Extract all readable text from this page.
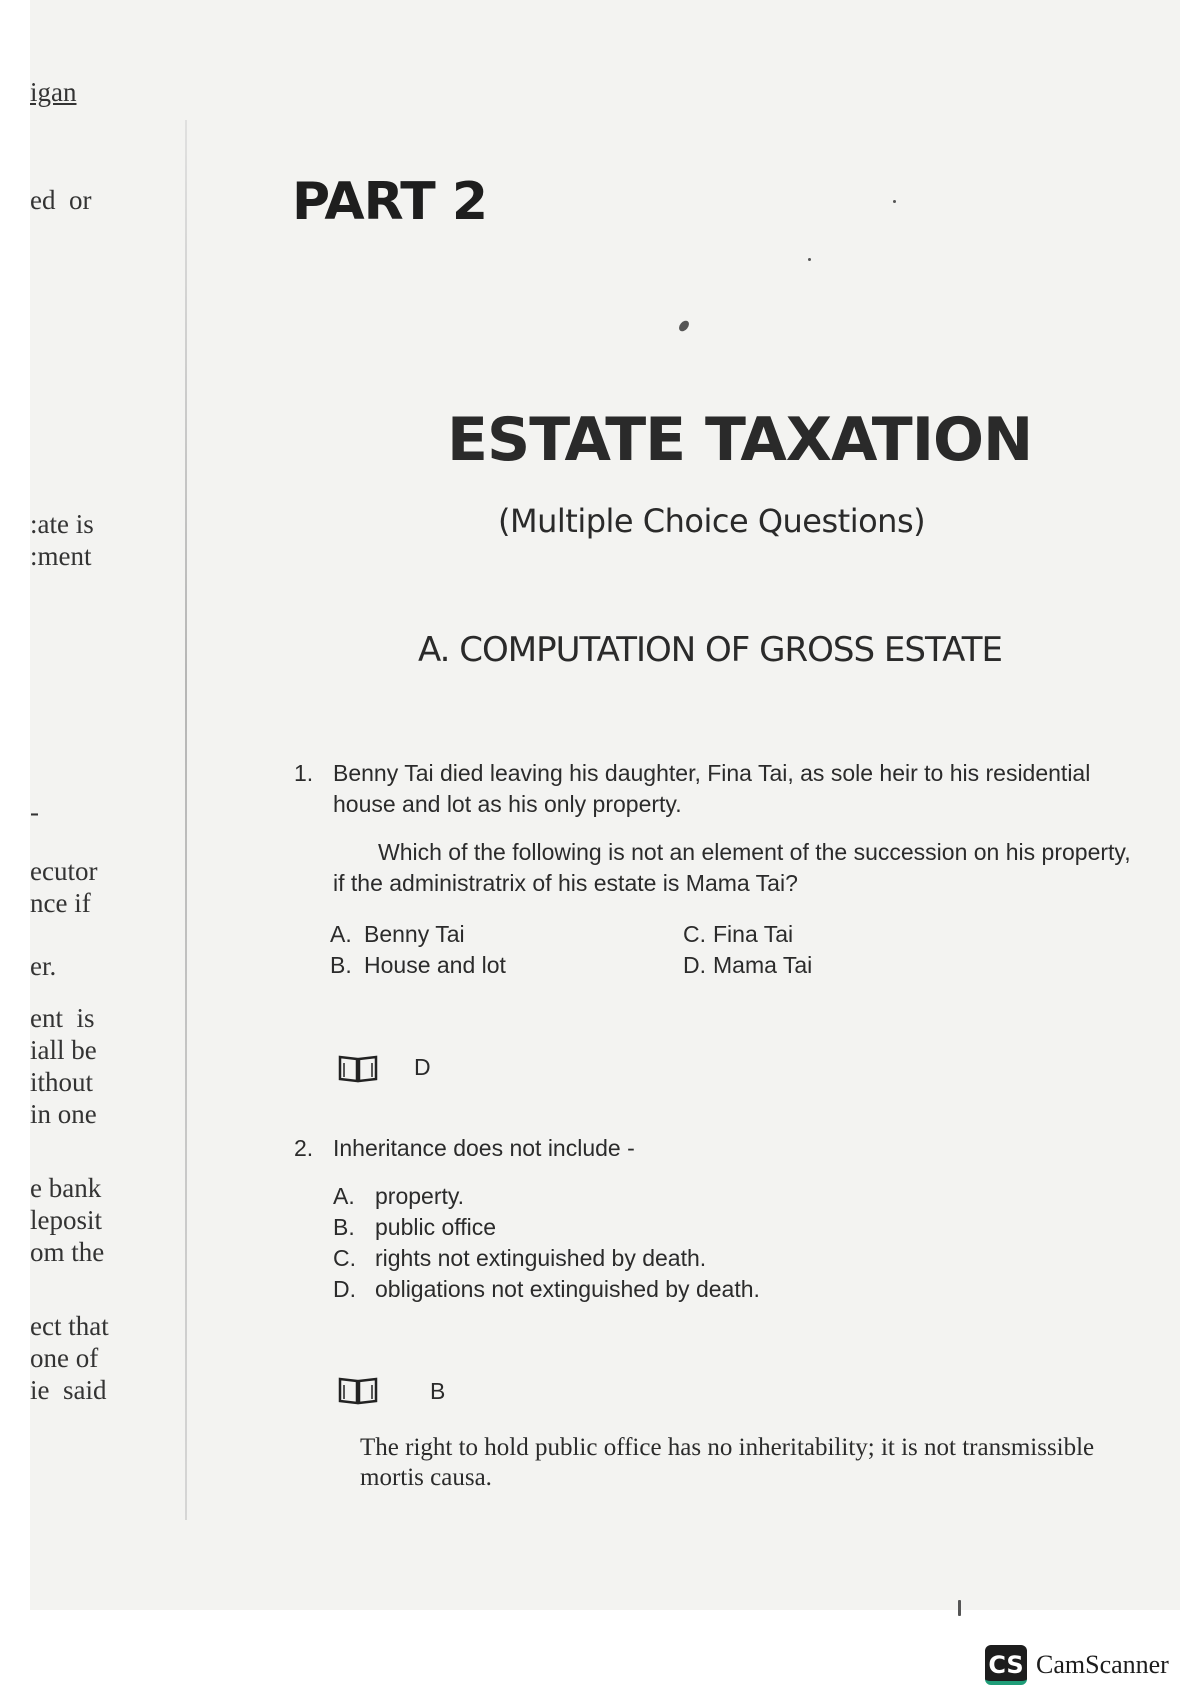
igan
ed  or
:ate is
:ment
-
ecutor
nce if
er.
ent  is
iall be
ithout
in one
e bank
leposit
om the
ect that
one of
ie  said
PART 2
ESTATE TAXATION
(Multiple Choice Questions)
A. COMPUTATION OF GROSS ESTATE
1. Benny Tai died leaving his daughter, Fina Tai, as sole heir to his residential
house and lot as his only property.
Which of the following is not an element of the succession on his property,
if the administratrix of his estate is Mama Tai?
A. Benny Tai
B. House and lot
C. Fina Tai
D. Mama Tai
D
2. Inheritance does not include -
A. property.
B. public office
C. rights not extinguished by death.
D. obligations not extinguished by death.
B
The right to hold public office has no inheritability; it is not transmissible
mortis causa.
CS CamScanner
